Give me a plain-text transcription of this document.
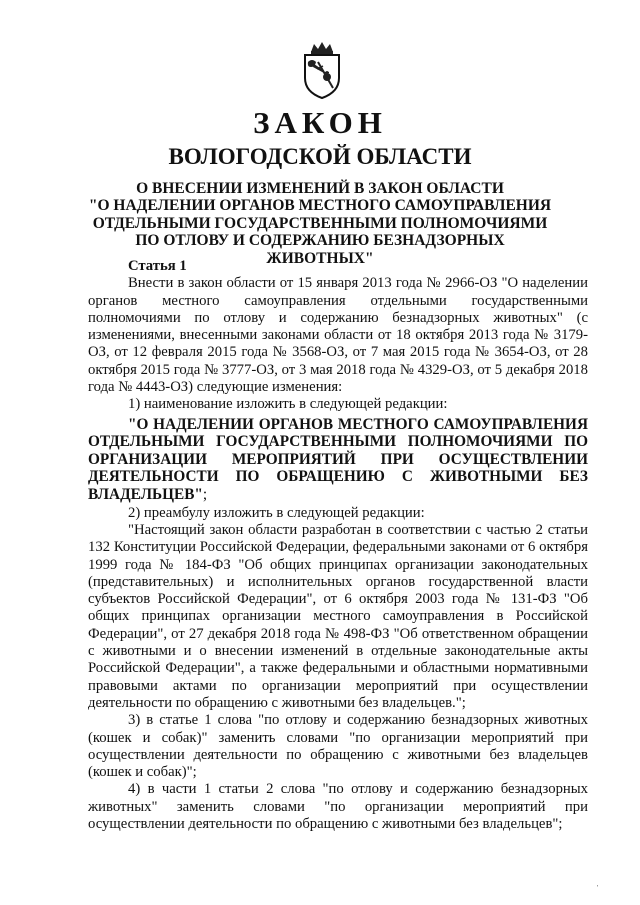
ЗАКОН
ВОЛОГОДСКОЙ ОБЛАСТИ
О ВНЕСЕНИИ ИЗМЕНЕНИЙ В ЗАКОН ОБЛАСТИ
"О НАДЕЛЕНИИ ОРГАНОВ МЕСТНОГО САМОУПРАВЛЕНИЯ
ОТДЕЛЬНЫМИ ГОСУДАРСТВЕННЫМИ ПОЛНОМОЧИЯМИ
ПО ОТЛОВУ И СОДЕРЖАНИЮ БЕЗНАДЗОРНЫХ ЖИВОТНЫХ"

Статья 1

Внести в закон области от 15 января 2013 года № 2966-ОЗ "О наделении органов местного самоуправления отдельными государственными полномочиями по отлову и содержанию безнадзорных животных" (с изменениями, внесенными законами области от 18 октября 2013 года № 3179-ОЗ, от 12 февраля 2015 года № 3568-ОЗ, от 7 мая 2015 года № 3654-ОЗ, от 28 октября 2015 года № 3777-ОЗ, от 3 мая 2018 года № 4329-ОЗ, от 5 декабря 2018 года № 4443-ОЗ) следующие изменения:

1) наименование изложить в следующей редакции:

"О НАДЕЛЕНИИ ОРГАНОВ МЕСТНОГО САМОУПРАВЛЕНИЯ ОТДЕЛЬНЫМИ ГОСУДАРСТВЕННЫМИ ПОЛНОМОЧИЯМИ ПО ОРГАНИЗАЦИИ МЕРОПРИЯТИЙ ПРИ ОСУЩЕСТВЛЕНИИ ДЕЯТЕЛЬНОСТИ ПО ОБРАЩЕНИЮ С ЖИВОТНЫМИ БЕЗ ВЛАДЕЛЬЦЕВ";

2) преамбулу изложить в следующей редакции:

"Настоящий закон области разработан в соответствии с частью 2 статьи 132 Конституции Российской Федерации, федеральными законами от 6 октября 1999 года № 184-ФЗ "Об общих принципах организации законодательных (представительных) и исполнительных органов государственной власти субъектов Российской Федерации", от 6 октября 2003 года № 131-ФЗ "Об общих принципах организации местного самоуправления в Российской Федерации", от 27 декабря 2018 года № 498-ФЗ "Об ответственном обращении с животными и о внесении изменений в отдельные законодательные акты Российской Федерации", а также федеральными и областными нормативными правовыми актами по организации мероприятий при осуществлении деятельности по обращению с животными без владельцев.";

3) в статье 1 слова "по отлову и содержанию безнадзорных животных (кошек и собак)" заменить словами "по организации мероприятий при осуществлении деятельности по обращению с животными без владельцев (кошек и собак)";

4) в части 1 статьи 2 слова "по отлову и содержанию безнадзорных животных" заменить словами "по организации мероприятий при осуществлении деятельности по обращению с животными без владельцев";

'
